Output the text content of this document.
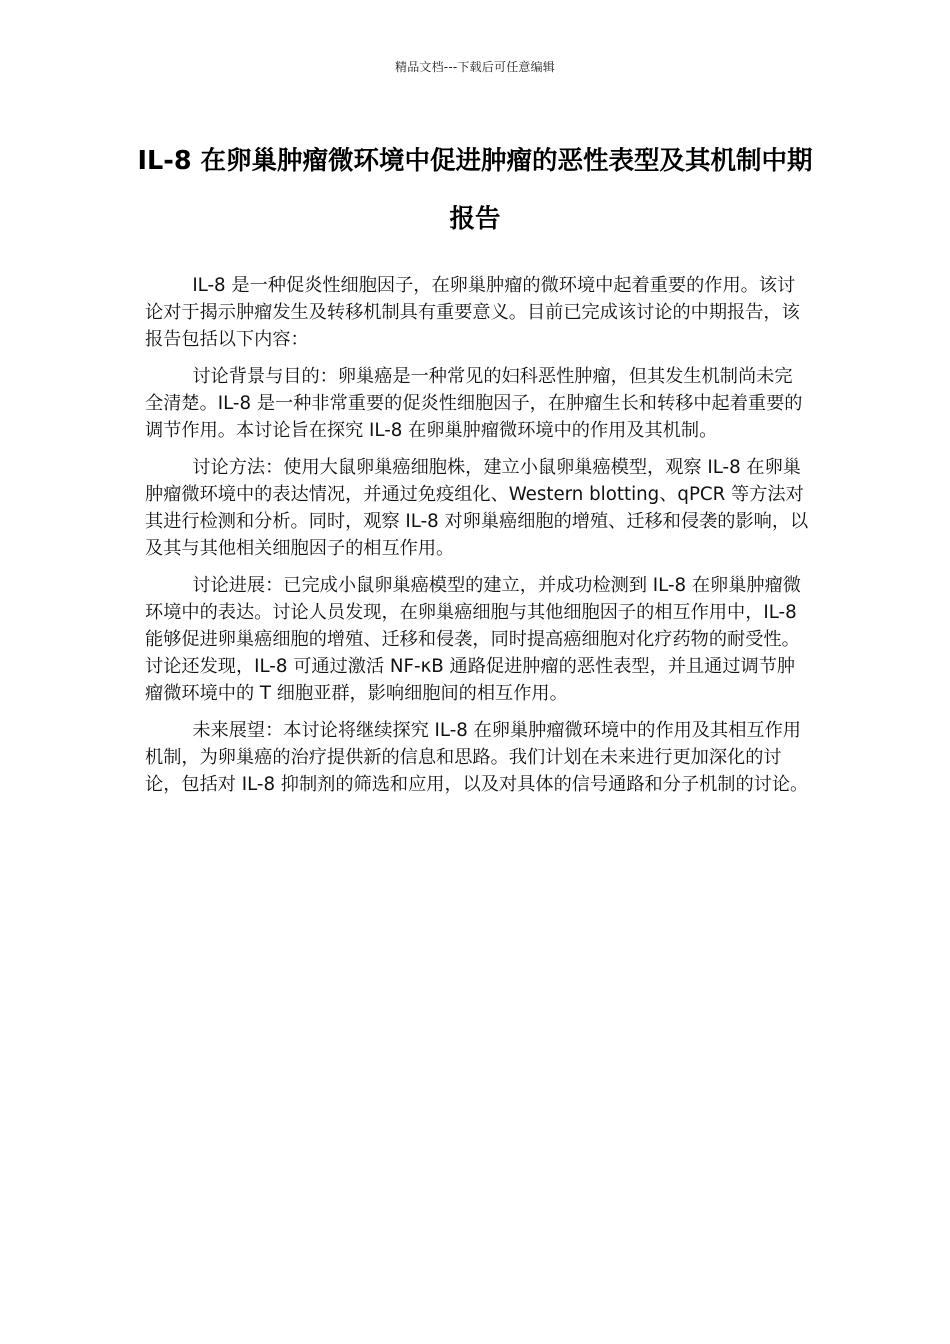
精品文档---下载后可任意编辑
IL-8 在卵巢肿瘤微环境中促进肿瘤的恶性表型及其机制中期报告

IL-8 是一种促炎性细胞因子，在卵巢肿瘤的微环境中起着重要的作用。该讨论对于揭示肿瘤发生及转移机制具有重要意义。目前已完成该讨论的中期报告，该报告包括以下内容：

讨论背景与目的：卵巢癌是一种常见的妇科恶性肿瘤，但其发生机制尚未完全清楚。IL-8 是一种非常重要的促炎性细胞因子，在肿瘤生长和转移中起着重要的调节作用。本讨论旨在探究 IL-8 在卵巢肿瘤微环境中的作用及其机制。

讨论方法：使用大鼠卵巢癌细胞株，建立小鼠卵巢癌模型，观察 IL-8 在卵巢肿瘤微环境中的表达情况，并通过免疫组化、Western blotting、qPCR 等方法对其进行检测和分析。同时，观察 IL-8 对卵巢癌细胞的增殖、迁移和侵袭的影响，以及其与其他相关细胞因子的相互作用。

讨论进展：已完成小鼠卵巢癌模型的建立，并成功检测到 IL-8 在卵巢肿瘤微环境中的表达。讨论人员发现，在卵巢癌细胞与其他细胞因子的相互作用中，IL-8 能够促进卵巢癌细胞的增殖、迁移和侵袭，同时提高癌细胞对化疗药物的耐受性。讨论还发现，IL-8 可通过激活 NF-κB 通路促进肿瘤的恶性表型，并且通过调节肿瘤微环境中的 T 细胞亚群，影响细胞间的相互作用。

未来展望：本讨论将继续探究 IL-8 在卵巢肿瘤微环境中的作用及其相互作用机制，为卵巢癌的治疗提供新的信息和思路。我们计划在未来进行更加深化的讨论，包括对 IL-8 抑制剂的筛选和应用，以及对具体的信号通路和分子机制的讨论。
